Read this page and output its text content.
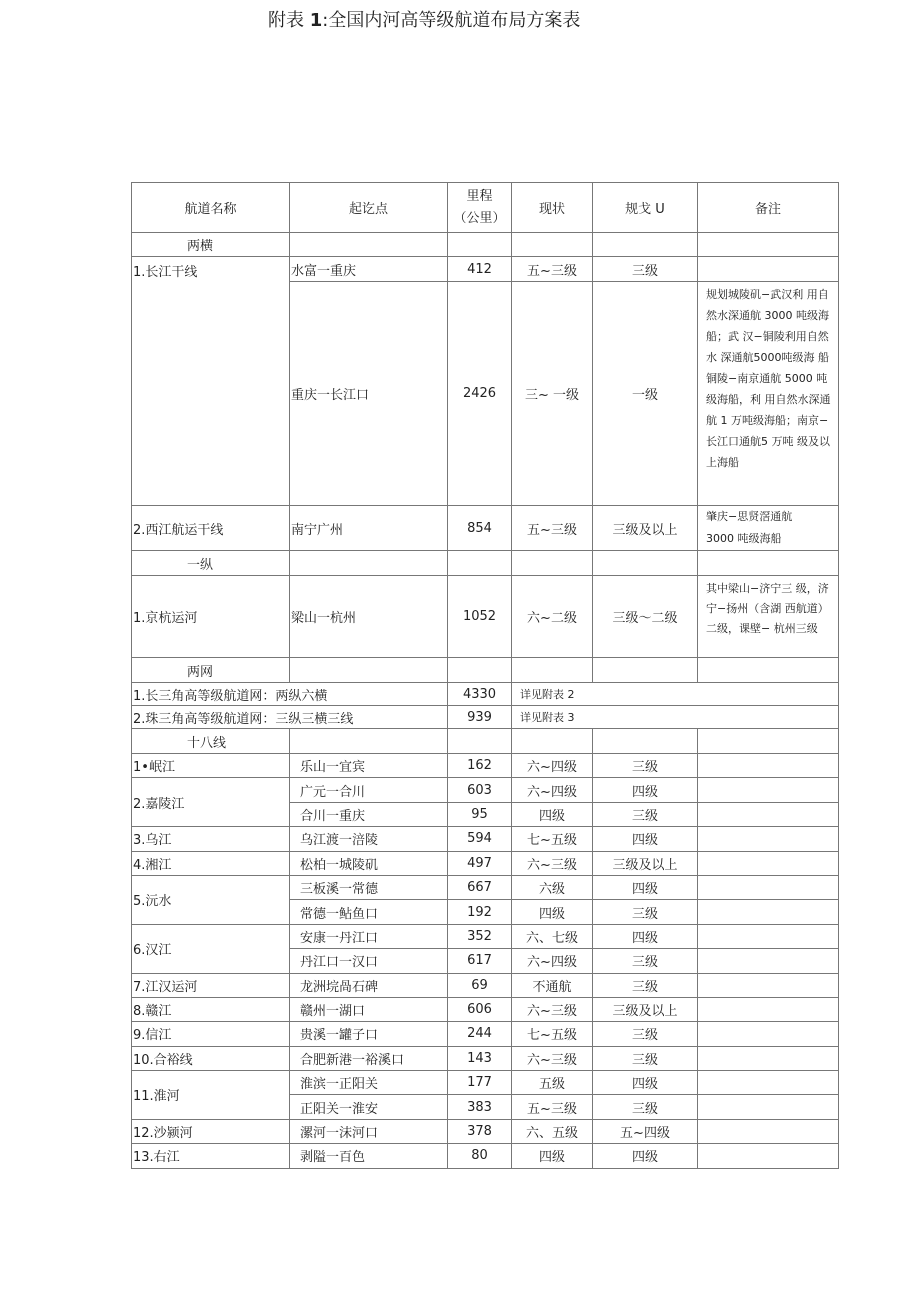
附表 1:全国内河高等级航道布局方案表
航道名称	起讫点	里程
（公里）	现状	规戈 U	备注
两横					
1.长江干线	水富一重庆	412	五~三级	三级	
	重庆一长江口	2426	三~ 一级	一级	规划城陵矶−武汉利 用自然水深通航 3000 吨级海船；武 汉−铜陵利用自然水 深通航5000吨级海 船铜陵−南京通航 5000 吨级海船，利 用自然水深通航 1 万吨级海船；南京− 长江口通航5 万吨 级及以上海船
2.西江航运干线	南宁广州	854	五~三级	三级及以上	肇庆−思贤滘通航
3000 吨级海船
一纵					
1.京杭运河	梁山一杭州	1052	六~二级	三级〜二级	其中梁山−济宁三 级，济宁−扬州（含湖 西航道）二级，课壁− 杭州三级
两网					
1.长三角高等级航道网：两纵六横		4330	详见附表 2		
2.珠三角高等级航道网：三纵三横三线		939	详见附表 3		
十八线					
1•岷江	乐山一宜宾	162	六~四级	三级	
2.嘉陵江	广元一合川	603	六~四级	四级	
	合川一重庆	95	四级	三级	
3.乌江	乌江渡一涪陵	594	七~五级	四级	
4.湘江	松柏一城陵矶	497	六~三级	三级及以上	
5.沅水	三板溪一常德	667	六级	四级	
	常德一鲇鱼口	192	四级	三级	
6.汉江	安康一丹江口	352	六、七级	四级	
	丹江口一汉口	617	六~四级	三级	
7.江汉运河	龙洲垸咼石碑	69	不通航	三级	
8.赣江	赣州一湖口	606	六~三级	三级及以上	
9.信江	贵溪一罐子口	244	七~五级	三级	
10.合裕线	合肥新港一裕溪口	143	六~三级	三级	
11.淮河	淮滨一正阳关	177	五级	四级	
	正阳关一淮安	383	五~三级	三级	
12.沙颍河	漯河一沫河口	378	六、五级	五~四级	
13.右江	剥隘一百色	80	四级	四级	
